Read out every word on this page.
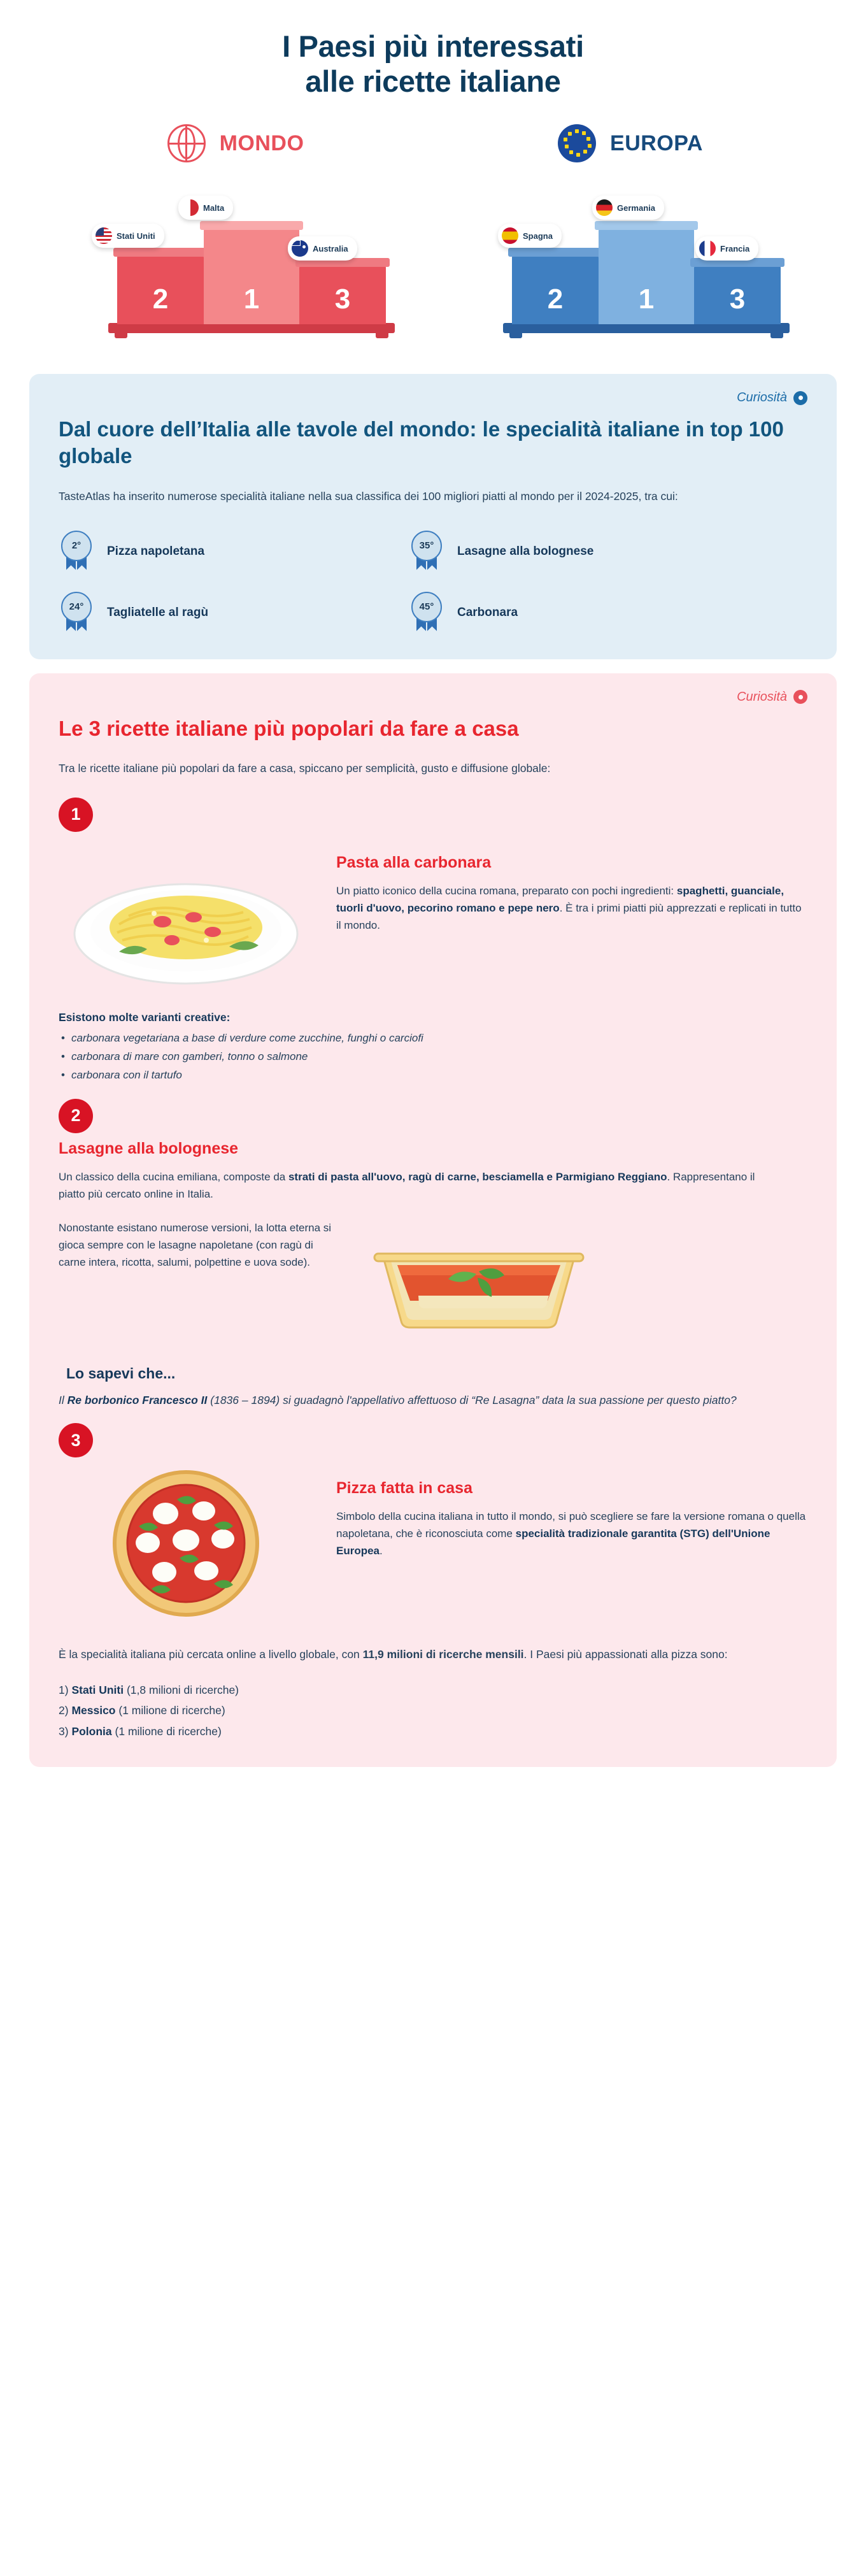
I Paesi più interessati
alle ricette italiane
MONDO
Malta
Stati Uniti
Australia
2	1	3
EUROPA
Germania
Spagna
Francia
2	1	3
Curiosità
Dal cuore dell’Italia alle tavole del mondo: le specialità italiane in top 100 globale

TasteAtlas ha inserito numerose specialità italiane nella sua classifica dei 100 migliori piatti al mondo per il 2024-2025, tra cui:

2°	Pizza napoletana	35°	Lasagne alla bolognese
24°	Tagliatelle al ragù	45°	Carbonara
Curiosità
Le 3 ricette italiane più popolari da fare a casa

Tra le ricette italiane più popolari da fare a casa, spiccano per semplicità, gusto e diffusione globale:

1
Pasta alla carbonara

Un piatto iconico della cucina romana, preparato con pochi ingredienti: spaghetti, guanciale, tuorli d'uovo, pecorino romano e pepe nero. È tra i primi piatti più apprezzati e replicati in tutto il mondo.

Esistono molte varianti creative:
• carbonara vegetariana a base di verdure come zucchine, funghi o carciofi
• carbonara di mare con gamberi, tonno o salmone
• carbonara con il tartufo
2
Lasagne alla bolognese

Un classico della cucina emiliana, composte da strati di pasta all'uovo, ragù di carne, besciamella e Parmigiano Reggiano. Rappresentano il piatto più cercato online in Italia.

Nonostante esistano numerose versioni, la lotta eterna si gioca sempre con le lasagne napoletane (con ragù di carne intera, ricotta, salumi, polpettine e uova sode).
Lo sapevi che...

Il Re borbonico Francesco II (1836 – 1894) si guadagnò l'appellativo affettuoso di “Re Lasagna” data la sua passione per questo piatto?

3
Pizza fatta in casa

Simbolo della cucina italiana in tutto il mondo, si può scegliere se fare la versione romana o quella napoletana, che è riconosciuta come specialità tradizionale garantita (STG) dell'Unione Europea.

È la specialità italiana più cercata online a livello globale, con 11,9 milioni di ricerche mensili. I Paesi più appassionati alla pizza sono:

1) Stati Uniti (1,8 milioni di ricerche)
2) Messico (1 milione di ricerche)
3) Polonia (1 milione di ricerche)
